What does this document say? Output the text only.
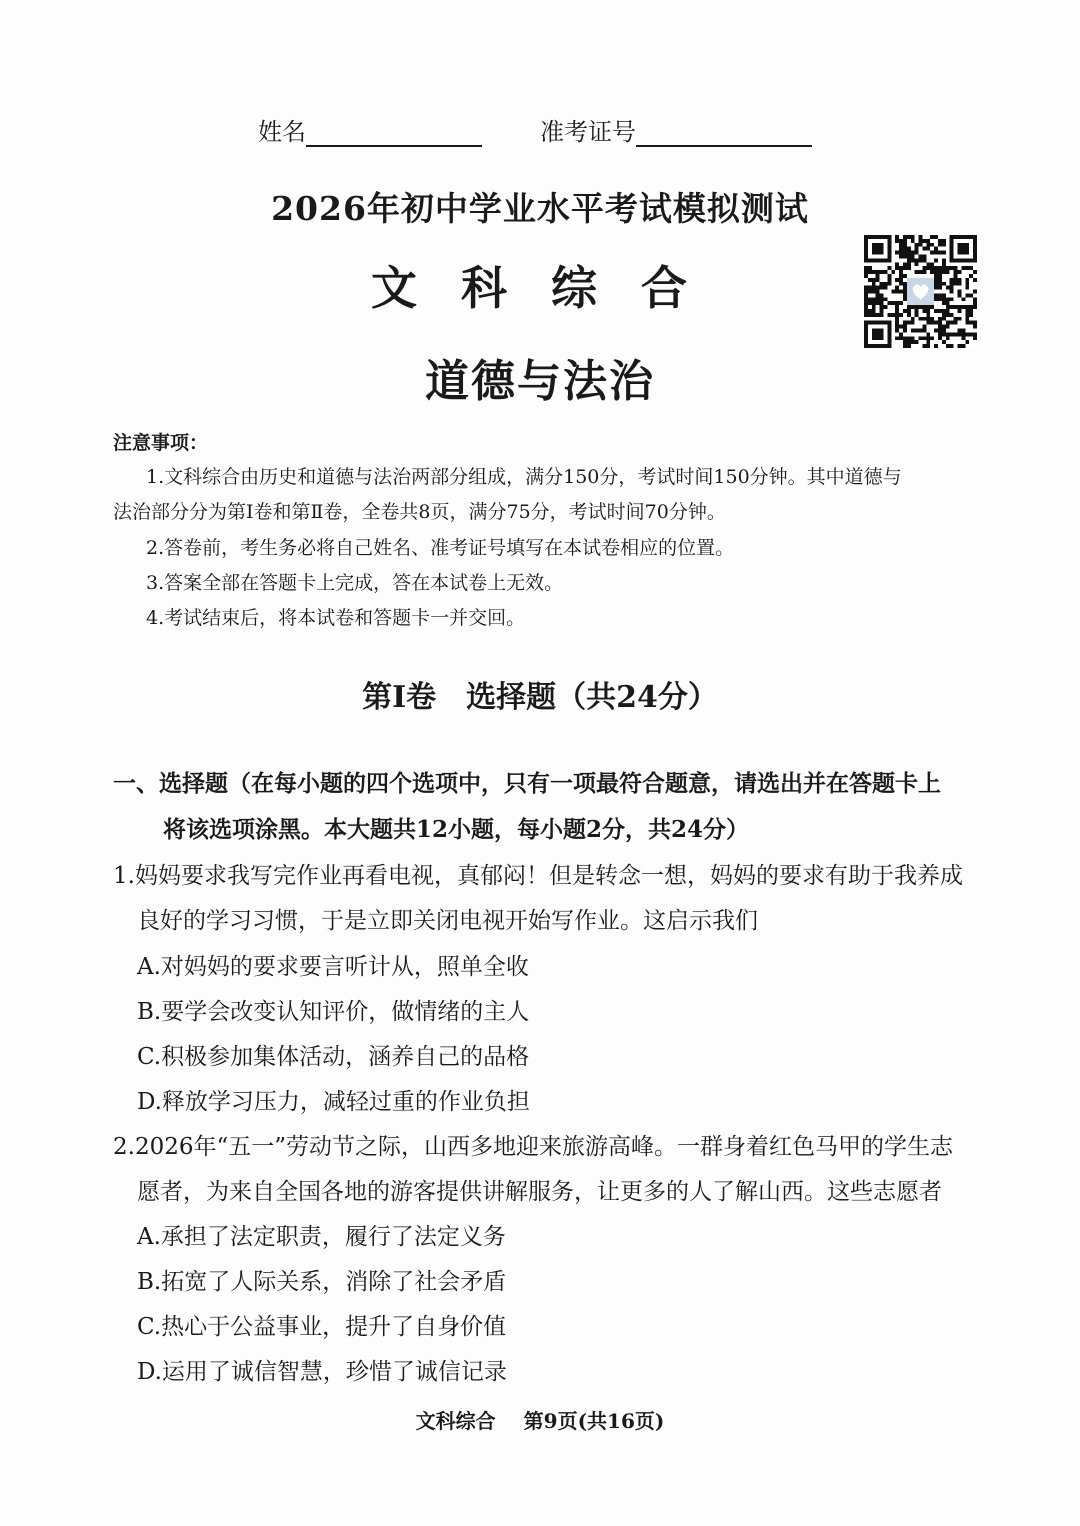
姓名	准考证号
2026年初中学业水平考试模拟测试
文科综合
道德与法治
注意事项：
1.文科综合由历史和道德与法治两部分组成，满分150分，考试时间150分钟。其中道德与
法治部分分为第Ⅰ卷和第Ⅱ卷，全卷共8页，满分75分，考试时间70分钟。
2.答卷前，考生务必将自己姓名、准考证号填写在本试卷相应的位置。
3.答案全部在答题卡上完成，答在本试卷上无效。
4.考试结束后，将本试卷和答题卡一并交回。
第Ⅰ卷　选择题（共24分）
一、选择题（在每小题的四个选项中，只有一项最符合题意，请选出并在答题卡上
将该选项涂黑。本大题共12小题，每小题2分，共24分）
1.妈妈要求我写完作业再看电视，真郁闷！但是转念一想，妈妈的要求有助于我养成
良好的学习习惯，于是立即关闭电视开始写作业。这启示我们
A.对妈妈的要求要言听计从，照单全收
B.要学会改变认知评价，做情绪的主人
C.积极参加集体活动，涵养自己的品格
D.释放学习压力，减轻过重的作业负担
2.2026年“五一”劳动节之际，山西多地迎来旅游高峰。一群身着红色马甲的学生志
愿者，为来自全国各地的游客提供讲解服务，让更多的人了解山西。这些志愿者
A.承担了法定职责，履行了法定义务
B.拓宽了人际关系，消除了社会矛盾
C.热心于公益事业，提升了自身价值
D.运用了诚信智慧，珍惜了诚信记录
文科综合 第9页(共16页)
